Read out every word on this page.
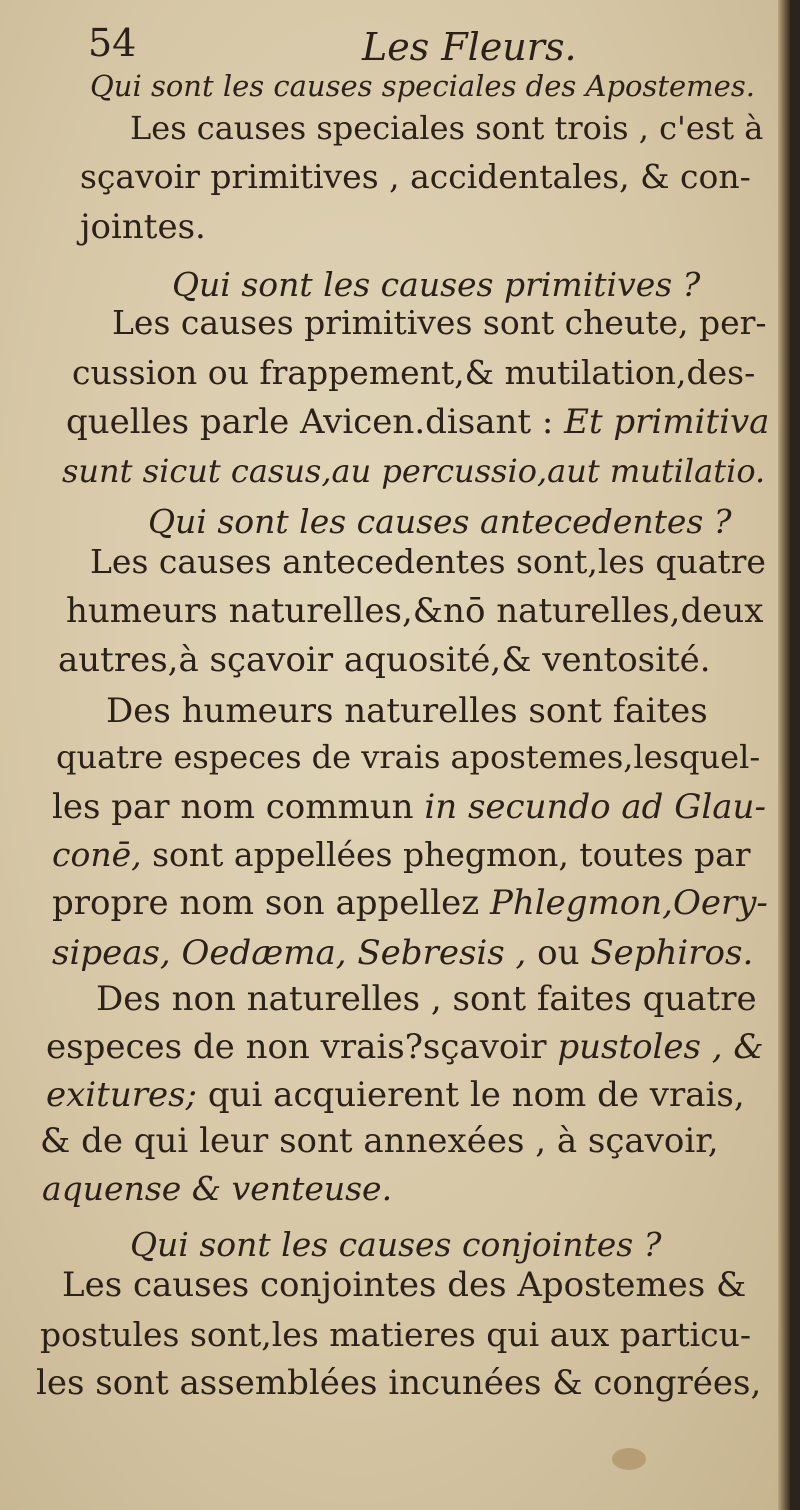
54	Les Fleurs.

Qui sont les causes speciales des Apostemes.

Les causes speciales sont trois , c'est à

sçavoir primitives , accidentales, & con-

jointes.

Qui sont les causes primitives ?

Les causes primitives sont cheute, per-

cussion ou frappement,& mutilation,des-

quelles parle Avicen.disant : Et primitiva

sunt sicut casus,au percussio,aut mutilatio.

Qui sont les causes antecedentes ?

Les causes antecedentes sont,les quatre

humeurs naturelles,&nō naturelles,deux

autres,à sçavoir aquosité,& ventosité.

Des humeurs naturelles sont faites

quatre especes de vrais apostemes,lesquel-

les par nom commun in secundo ad Glau-

conē, sont appellées phegmon, toutes par

propre nom son appellez Phlegmon,Oery-

sipeas, Oedæma, Sebresis , ou Sephiros.

Des non naturelles , sont faites quatre

especes de non vrais?sçavoir pustoles , &

exitures; qui acquierent le nom de vrais,

& de qui leur sont annexées , à sçavoir,

aquense & venteuse.

Qui sont les causes conjointes ?

Les causes conjointes des Apostemes &

postules sont,les matieres qui aux particu-

les sont assemblées incunées & congrées,
